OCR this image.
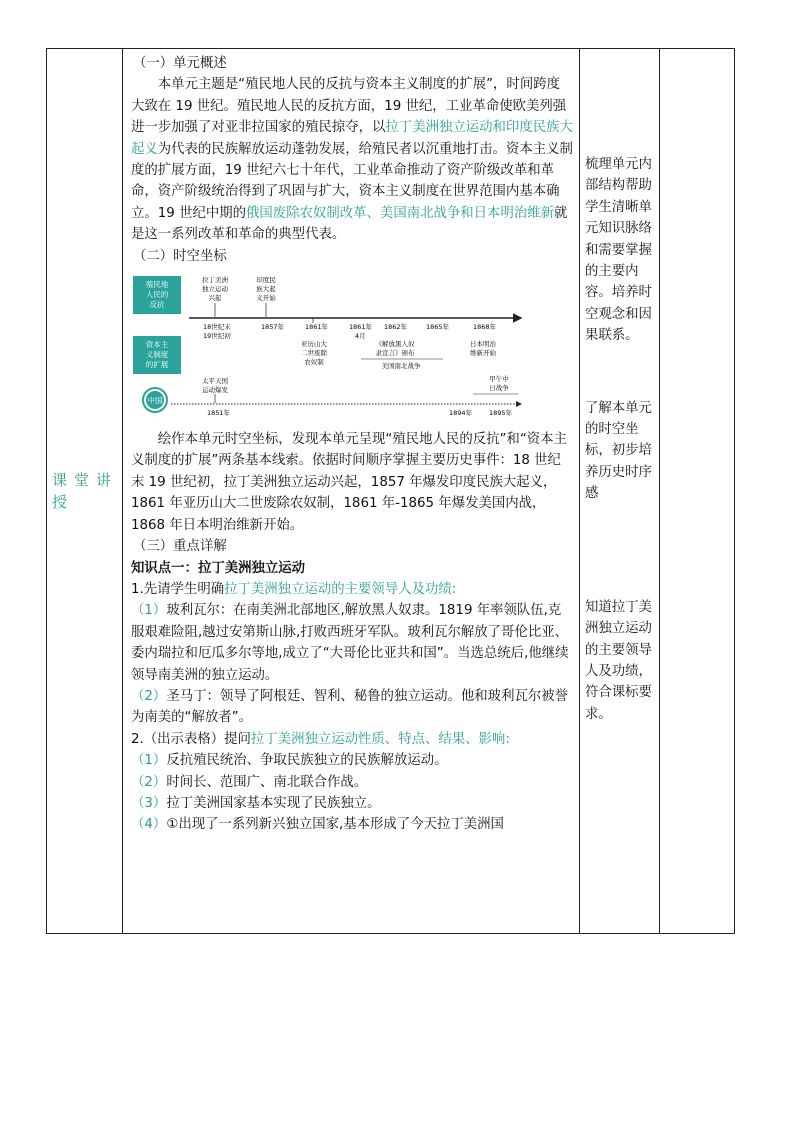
课堂讲授

（一）单元概述

本单元主题是“殖民地人民的反抗与资本主义制度的扩展”，时间跨度大致在 19 世纪。殖民地人民的反抗方面，19 世纪，工业革命使欧美列强进一步加强了对亚非拉国家的殖民掠夺，以拉丁美洲独立运动和印度民族大起义为代表的民族解放运动蓬勃发展，给殖民者以沉重地打击。资本主义制度的扩展方面，19 世纪六七十年代，工业革命推动了资产阶级改革和革命，资产阶级统治得到了巩固与扩大，资本主义制度在世界范围内基本确立。19 世纪中期的俄国废除农奴制改革、美国南北战争和日本明治维新就是这一系列改革和革命的典型代表。

（二）时空坐标

殖民地
人民的
反抗
资本主
义制度
的扩展
中国
拉丁美洲
独立运动
兴起
印度民
族大起
义开始
18世纪末
19世纪初
1857年	1861年	1861年
4月
1862年	1865年	1868年
亚历山大
二世废除
农奴制
《解放黑人奴
隶宣言》颁布
美国南北战争
日本明治
维新开始
太平天国
运动爆发
1851年
甲午中
日战争
1894年	1895年

绘作本单元时空坐标，发现本单元呈现“殖民地人民的反抗”和“资本主义制度的扩展”两条基本线索。依据时间顺序掌握主要历史事件：18 世纪末 19 世纪初，拉丁美洲独立运动兴起，1857 年爆发印度民族大起义，1861 年亚历山大二世废除农奴制，1861 年-1865 年爆发美国内战，1868 年日本明治维新开始。

（三）重点详解

知识点一：拉丁美洲独立运动

1.先请学生明确拉丁美洲独立运动的主要领导人及功绩:

（1）玻利瓦尔：在南美洲北部地区,解放黑人奴隶。1819 年率领队伍,克服艰难险阻,越过安第斯山脉,打败西班牙军队。玻利瓦尔解放了哥伦比亚、委内瑞拉和厄瓜多尔等地,成立了“大哥伦比亚共和国”。当选总统后,他继续领导南美洲的独立运动。

（2）圣马丁：领导了阿根廷、智利、秘鲁的独立运动。他和玻利瓦尔被誉为南美的“解放者”。

2.（出示表格）提问拉丁美洲独立运动性质、特点、结果、影响:

（1）反抗殖民统治、争取民族独立的民族解放运动。

（2）时间长、范围广、南北联合作战。

（3）拉丁美洲国家基本实现了民族独立。

（4）①出现了一系列新兴独立国家,基本形成了今天拉丁美洲国

梳理单元内部结构帮助学生清晰单元知识脉络和需要掌握的主要内容。培养时空观念和因果联系。

了解本单元的时空坐标，初步培养历史时序感

知道拉丁美洲独立运动的主要领导人及功绩，符合课标要求。
